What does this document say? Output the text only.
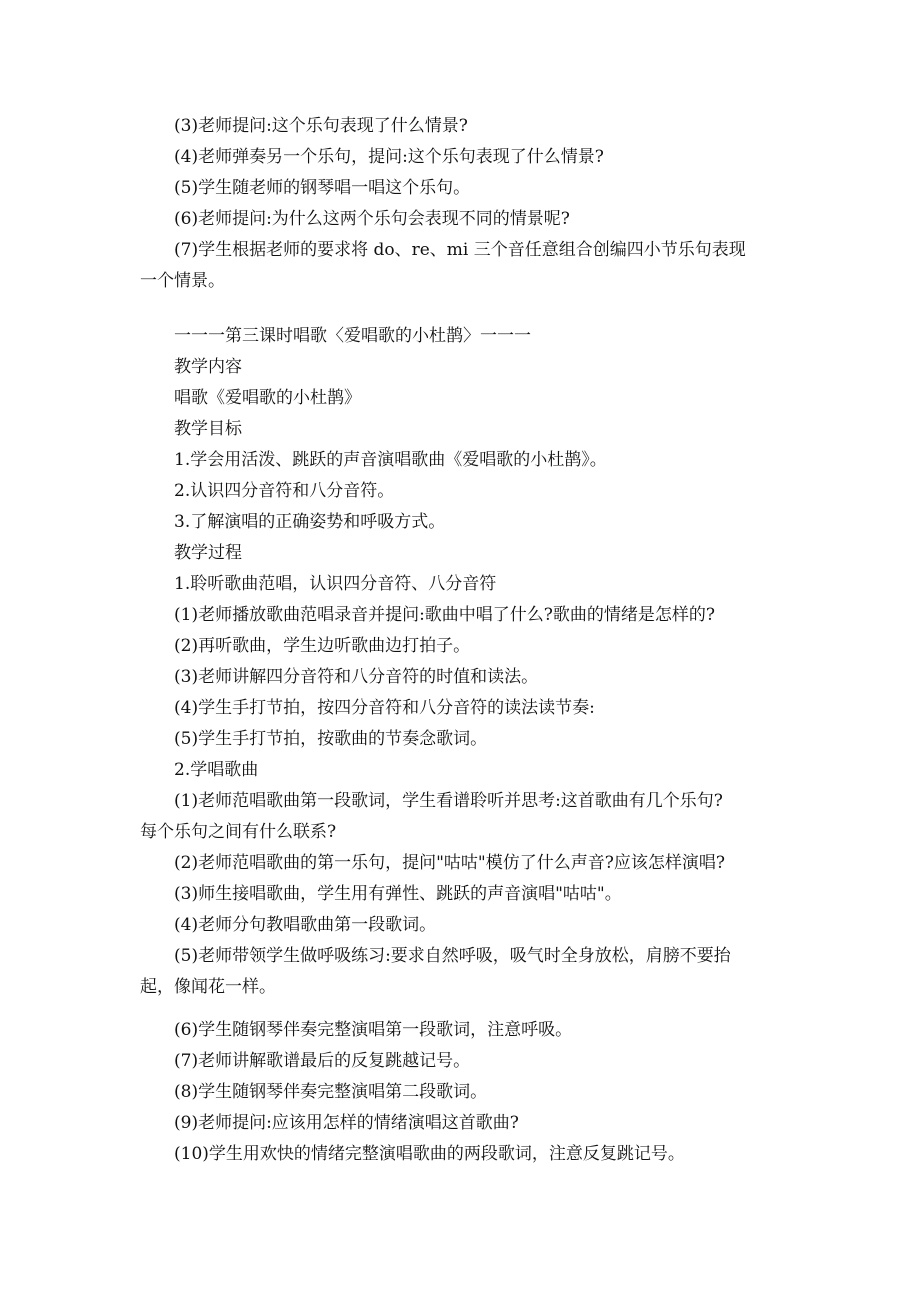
(3)老师提问:这个乐句表现了什么情景?
(4)老师弹奏另一个乐句，提问:这个乐句表现了什么情景?
(5)学生随老师的钢琴唱一唱这个乐句。
(6)老师提问:为什么这两个乐句会表现不同的情景呢?
(7)学生根据老师的要求将 do、re、mi 三个音任意组合创编四小节乐句表现
一个情景。
一一一第三课时唱歌〈爱唱歌的小杜鹊〉一一一
教学内容
唱歌《爱唱歌的小杜鹊》
教学目标
1.学会用活泼、跳跃的声音演唱歌曲《爱唱歌的小杜鹊》。
2.认识四分音符和八分音符。
3.了解演唱的正确姿势和呼吸方式。
教学过程
1.聆听歌曲范唱，认识四分音符、八分音符
(1)老师播放歌曲范唱录音并提问:歌曲中唱了什么?歌曲的情绪是怎样的?
(2)再听歌曲，学生边听歌曲边打拍子。
(3)老师讲解四分音符和八分音符的时值和读法。
(4)学生手打节拍，按四分音符和八分音符的读法读节奏:
(5)学生手打节拍，按歌曲的节奏念歌词。
2.学唱歌曲
(1)老师范唱歌曲第一段歌词，学生看谱聆听并思考:这首歌曲有几个乐句?
每个乐句之间有什么联系?
(2)老师范唱歌曲的第一乐句，提问"咕咕"模仿了什么声音?应该怎样演唱?
(3)师生接唱歌曲，学生用有弹性、跳跃的声音演唱"咕咕"。
(4)老师分句教唱歌曲第一段歌词。
(5)老师带领学生做呼吸练习:要求自然呼吸，吸气时全身放松，肩膀不要抬
起，像闻花一样。
(6)学生随钢琴伴奏完整演唱第一段歌词，注意呼吸。
(7)老师讲解歌谱最后的反复跳越记号。
(8)学生随钢琴伴奏完整演唱第二段歌词。
(9)老师提问:应该用怎样的情绪演唱这首歌曲?
(10)学生用欢快的情绪完整演唱歌曲的两段歌词，注意反复跳记号。
